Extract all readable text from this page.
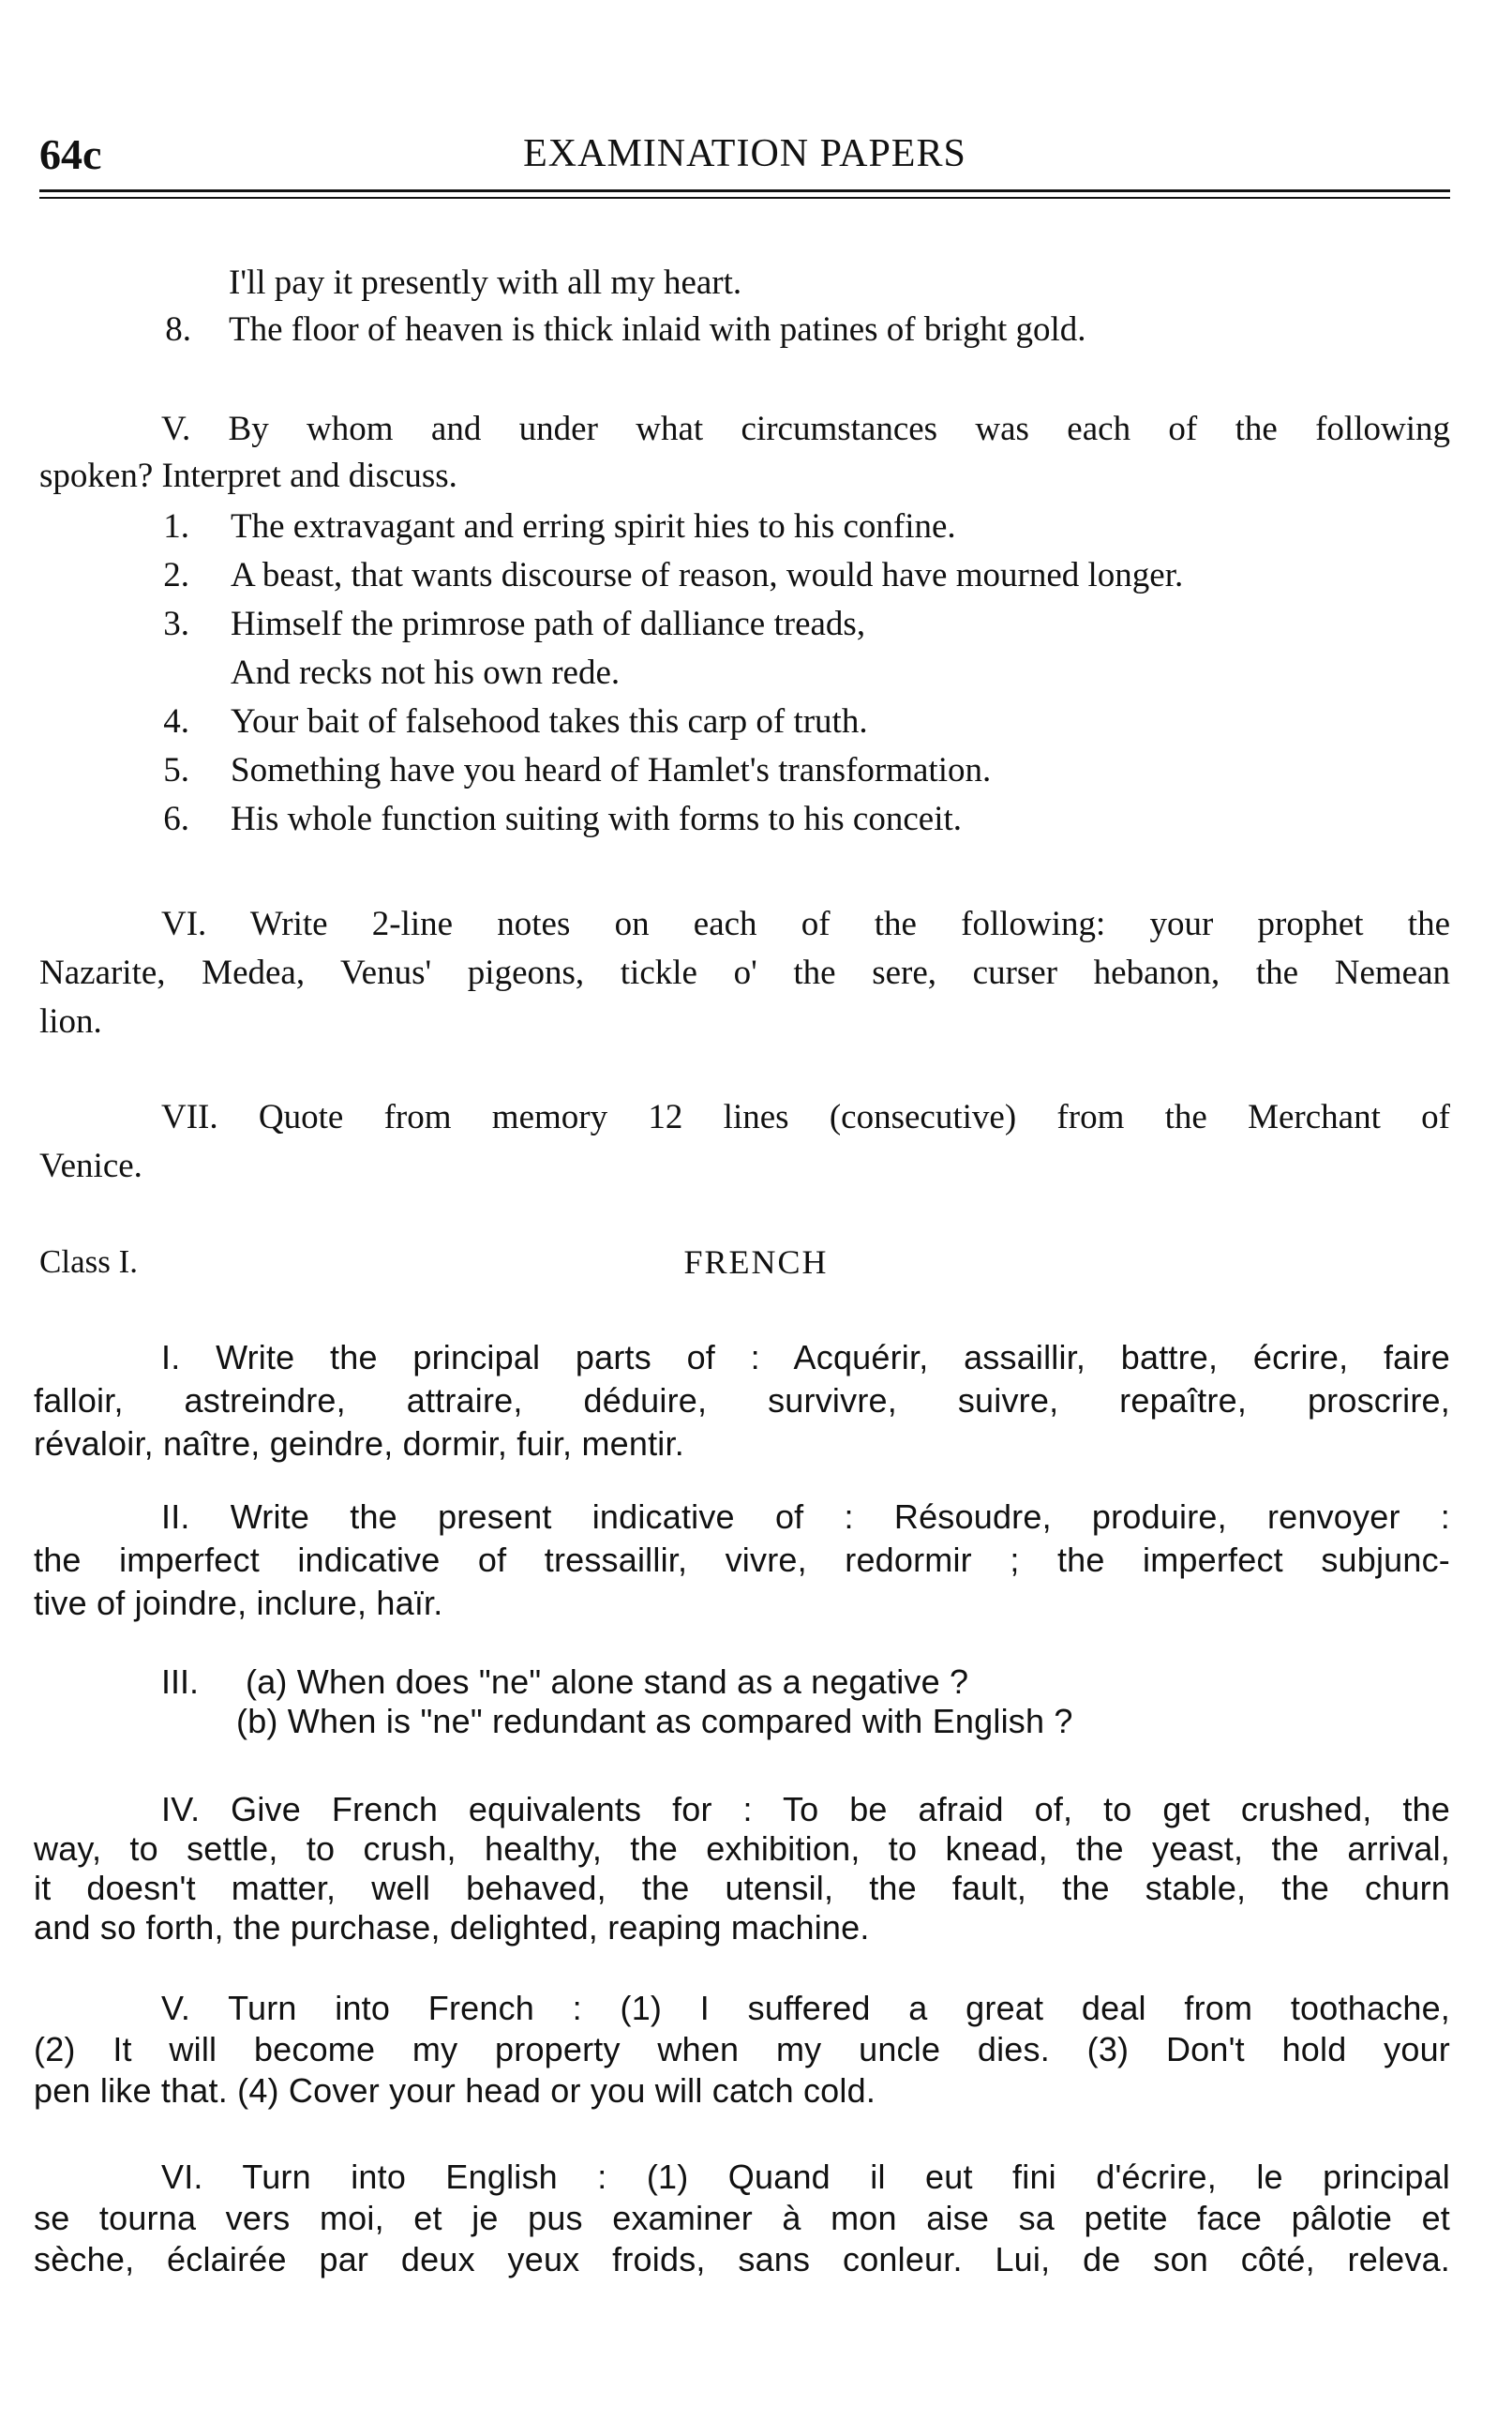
64c	EXAMINATION PAPERS
I'll pay it presently with all my heart.
8. The floor of heaven is thick inlaid with patines of bright gold.
V. By whom and under what circumstances was each of the following
spoken? Interpret and discuss.
1. The extravagant and erring spirit hies to his confine.
2. A beast, that wants discourse of reason, would have mourned longer.
3. Himself the primrose path of dalliance treads,
And recks not his own rede.
4. Your bait of falsehood takes this carp of truth.
5. Something have you heard of Hamlet's transformation.
6. His whole function suiting with forms to his conceit.
VI. Write 2-line notes on each of the following: your prophet the
Nazarite, Medea, Venus' pigeons, tickle o' the sere, curser hebanon, the Nemean
lion.
VII. Quote from memory 12 lines (consecutive) from the Merchant of
Venice.
Class I.	FRENCH
I. Write the principal parts of : Acquérir, assaillir, battre, écrire, faire
falloir, astreindre, attraire, déduire, survivre, suivre, repaître, proscrire,
révaloir, naître, geindre, dormir, fuir, mentir.
II. Write the present indicative of : Résoudre, produire, renvoyer :
the imperfect indicative of tressaillir, vivre, redormir ; the imperfect subjunc-
tive of joindre, inclure, haïr.
III. (a) When does "ne" alone stand as a negative ?
(b) When is "ne" redundant as compared with English ?
IV. Give French equivalents for : To be afraid of, to get crushed, the
way, to settle, to crush, healthy, the exhibition, to knead, the yeast, the arrival,
it doesn't matter, well behaved, the utensil, the fault, the stable, the churn
and so forth, the purchase, delighted, reaping machine.
V. Turn into French : (1) I suffered a great deal from toothache,
(2) It will become my property when my uncle dies. (3) Don't hold your
pen like that. (4) Cover your head or you will catch cold.
VI. Turn into English : (1) Quand il eut fini d'écrire, le principal
se tourna vers moi, et je pus examiner à mon aise sa petite face pâlotie et
sèche, éclairée par deux yeux froids, sans conleur. Lui, de son côté, releva.
